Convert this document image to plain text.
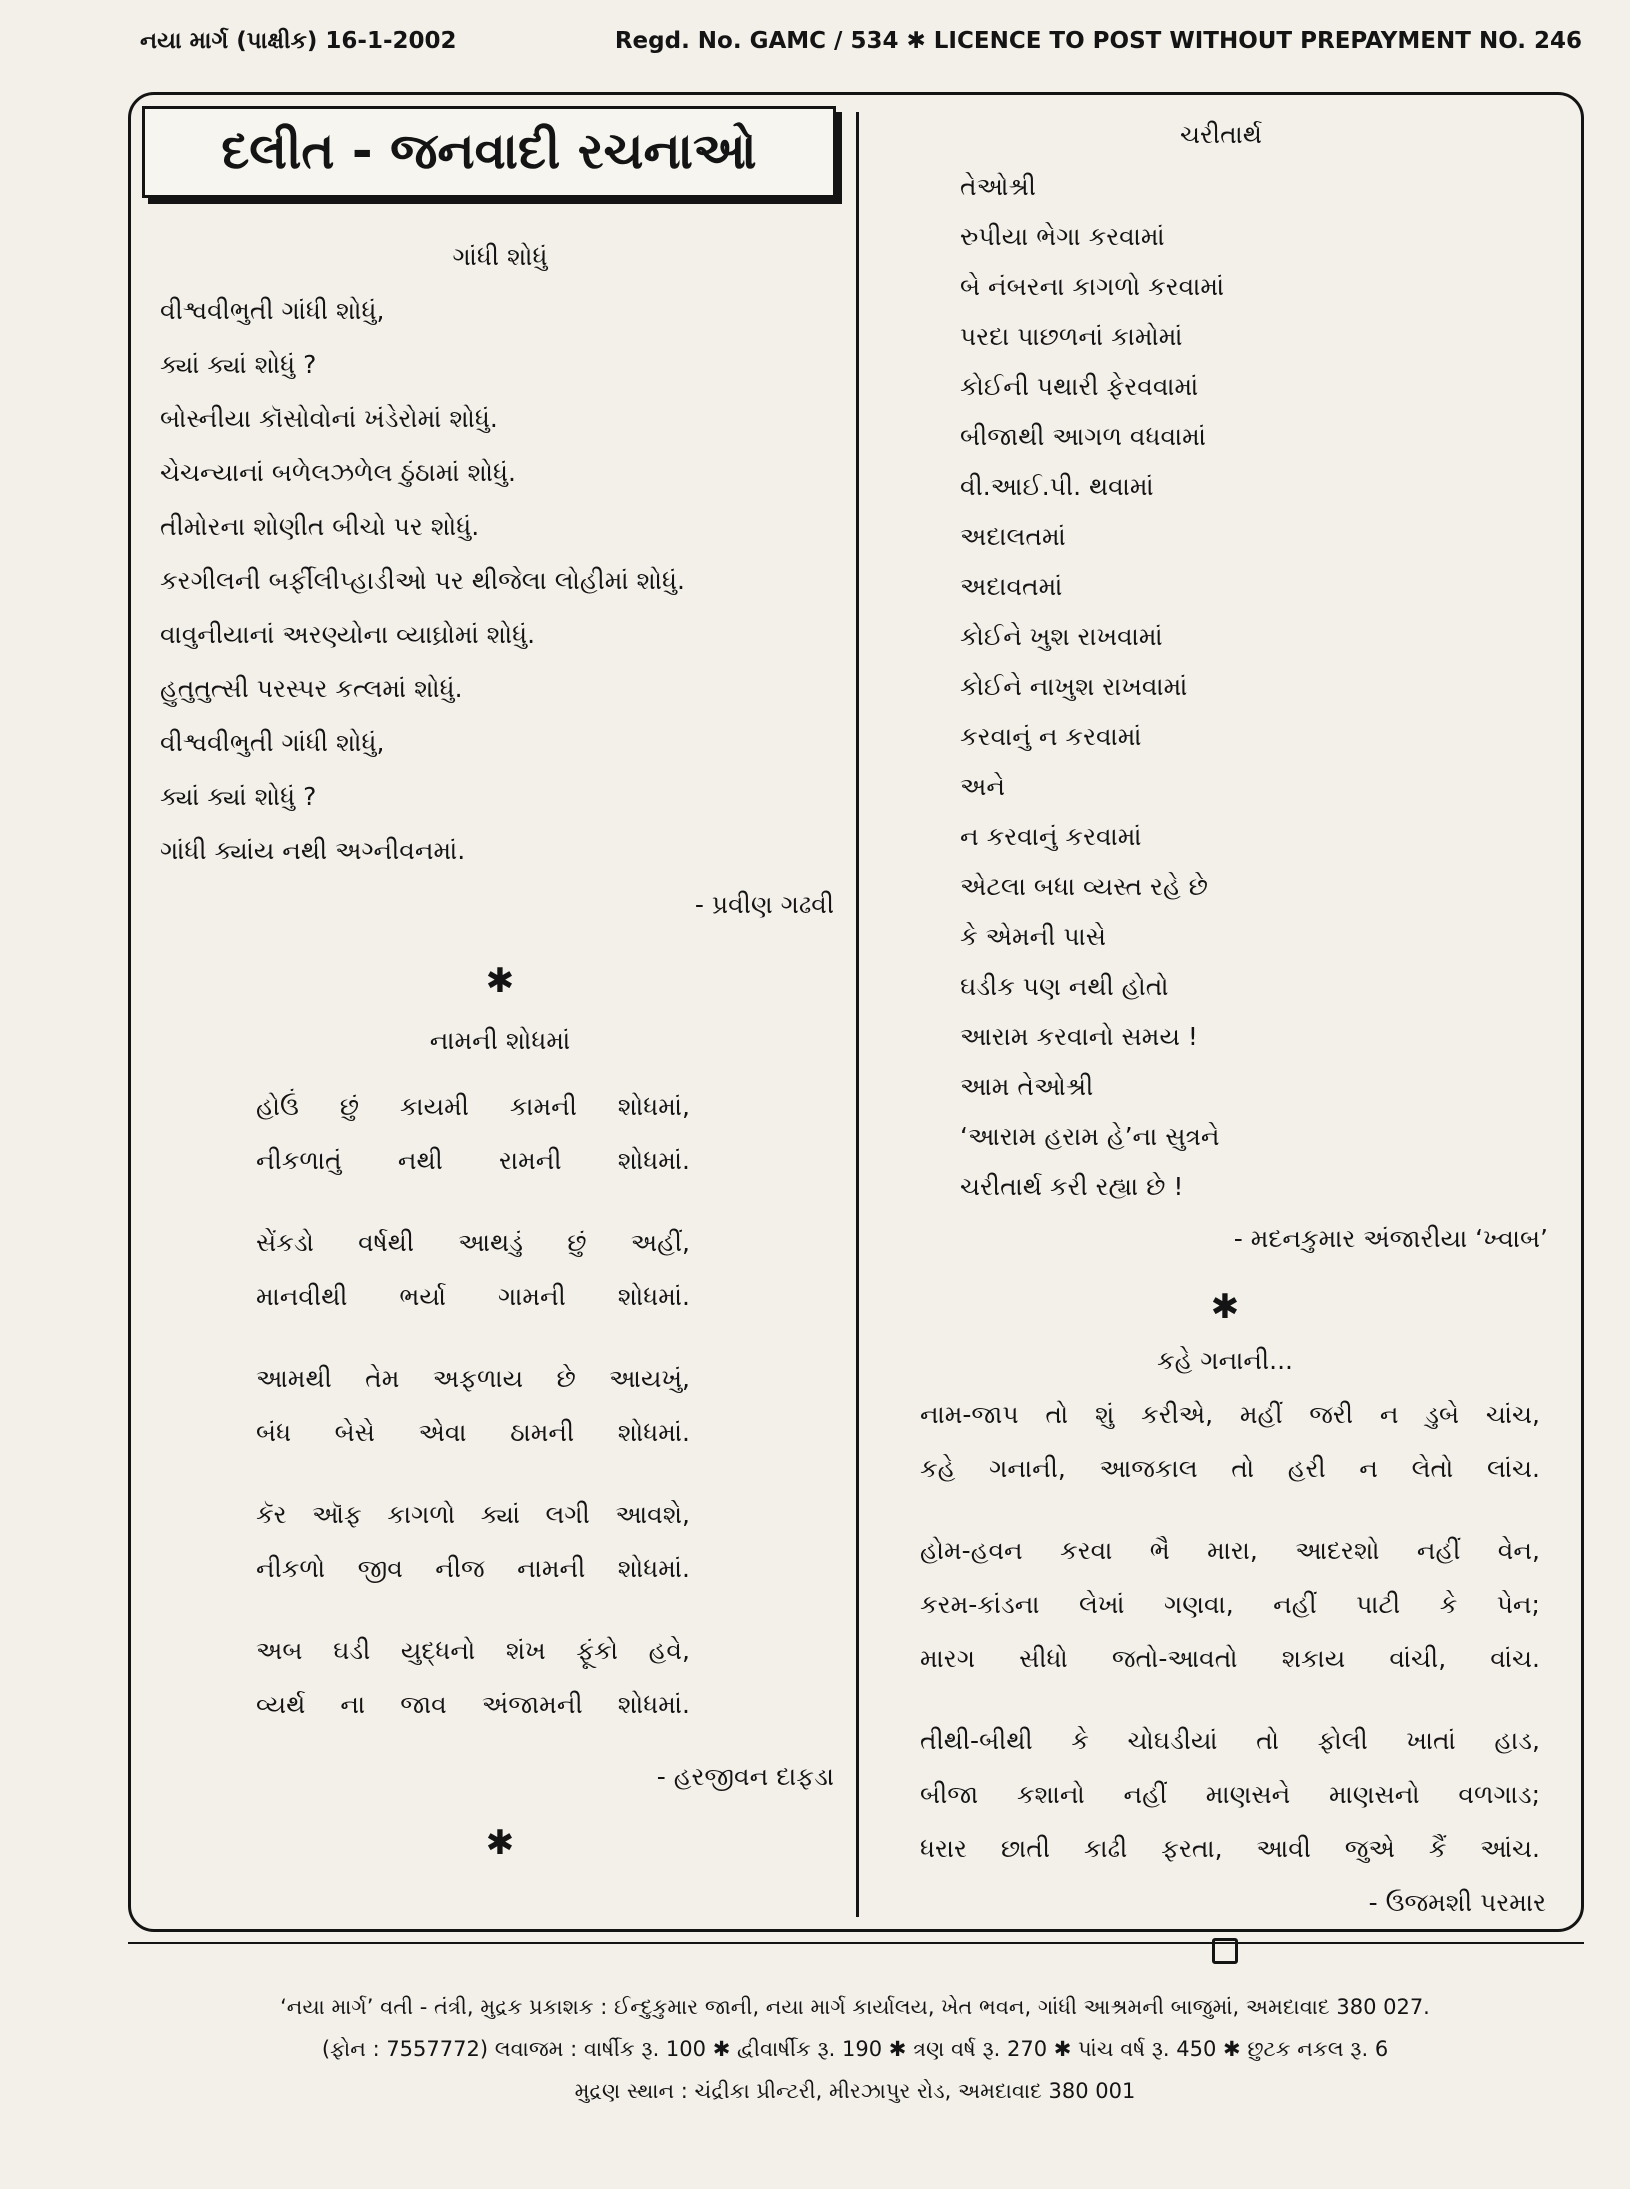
નયા માર્ગ (પાક્ષીક) 16-1-2002	Regd. No. GAMC / 534 ✱ LICENCE TO POST WITHOUT PREPAYMENT NO. 246
દલીત - જનવાદી રચનાઓ
ગાંધી શોધું
વીશ્વવીભુતી ગાંધી શોધું,
ક્યાં ક્યાં શોધું ?
બોસ્નીયા કૉસોવોનાં ખંડેરોમાં શોધું.
ચેચન્યાનાં બળેલઝળેલ ઠુંઠામાં શોધું.
તીમોરના શોણીત બીચો પર શોધું.
કરગીલની બર્ફીલીપ્હાડીઓ પર થીજેલા લોહીમાં શોધું.
વાવુનીયાનાં અરણ્યોના વ્યાઘ્રોમાં શોધું.
હુતુતુત્સી પરસ્પર કત્લમાં શોધું.
વીશ્વવીભુતી ગાંધી શોધું,
ક્યાં ક્યાં શોધું ?
ગાંધી ક્યાંય નથી અગ્નીવનમાં.
- પ્રવીણ ગઢવી
✱
નામની શોધમાં
હોઉં છું કાયમી કામની શોધમાં,
નીકળાતું નથી રામની શોધમાં.
સેંકડો વર્ષથી આથડું છું અહીં,
માનવીથી ભર્યા ગામની શોધમાં.
આમથી તેમ અફળાય છે આયખું,
બંધ બેસે એવા ઠામની શોધમાં.
કૅર ઑફ કાગળો ક્યાં લગી આવશે,
નીકળો જીવ નીજ નામની શોધમાં.
અબ ઘડી યુદ્ધનો શંખ ફૂંકો હવે,
વ્યર્થ ના જાવ અંજામની શોધમાં.
- હરજીવન દાફડા
✱
ચરીતાર્થ
તેઓશ્રી
રુપીયા ભેગા કરવામાં
બે નંબરના કાગળો કરવામાં
પરદા પાછળનાં કામોમાં
કોઈની પથારી ફેરવવામાં
બીજાથી આગળ વધવામાં
વી.આઈ.પી. થવામાં
અદાલતમાં
અદાવતમાં
કોઈને ખુશ રાખવામાં
કોઈને નાખુશ રાખવામાં
કરવાનું ન કરવામાં
અને
ન કરવાનું કરવામાં
એટલા બધા વ્યસ્ત રહે છે
કે એમની પાસે
ઘડીક પણ નથી હોતો
આરામ કરવાનો સમય !
આમ તેઓશ્રી
‘આરામ હરામ હે’ના સુત્રને
ચરીતાર્થ કરી રહ્યા છે !
- મદનકુમાર અંજારીયા ‘ખ્વાબ’
✱
કહે ગનાની...
નામ-જાપ તો શું કરીએ, મહીં જરી ન ડુબે ચાંચ,
કહે ગનાની, આજકાલ તો હરી ન લેતો લાંચ.
હોમ-હવન કરવા ભૈ મારા, આદરશો નહીં વેન,
કરમ-કાંડના લેખાં ગણવા, નહીં પાટી કે પેન;
મારગ સીધો જતો-આવતો શકાય વાંચી, વાંચ.
તીથી-બીથી કે ચોઘડીયાં તો ફોલી ખાતાં હાડ,
બીજા કશાનો નહીં માણસને માણસનો વળગાડ;
ધરાર છાતી કાઢી ફરતા, આવી જુએ કૈં આંચ.
- ઉજમશી પરમાર
‘નયા માર્ગ’ વતી - તંત્રી, મુદ્રક પ્રકાશક : ઈન્દુકુમાર જાની, નયા માર્ગ કાર્યાલય, ખેત ભવન, ગાંધી આશ્રમની બાજુમાં, અમદાવાદ 380 027.
(ફોન : 7557772) લવાજમ : વાર્ષીક રૂ. 100 ✱ દ્વીવાર્ષીક રૂ. 190 ✱ ત્રણ વર્ષ રૂ. 270 ✱ પાંચ વર્ષ રૂ. 450 ✱ છુટક નકલ રૂ. 6
મુદ્રણ સ્થાન : ચંદ્રીકા પ્રીન્ટરી, મીરઝાપુર રોડ, અમદાવાદ 380 001
